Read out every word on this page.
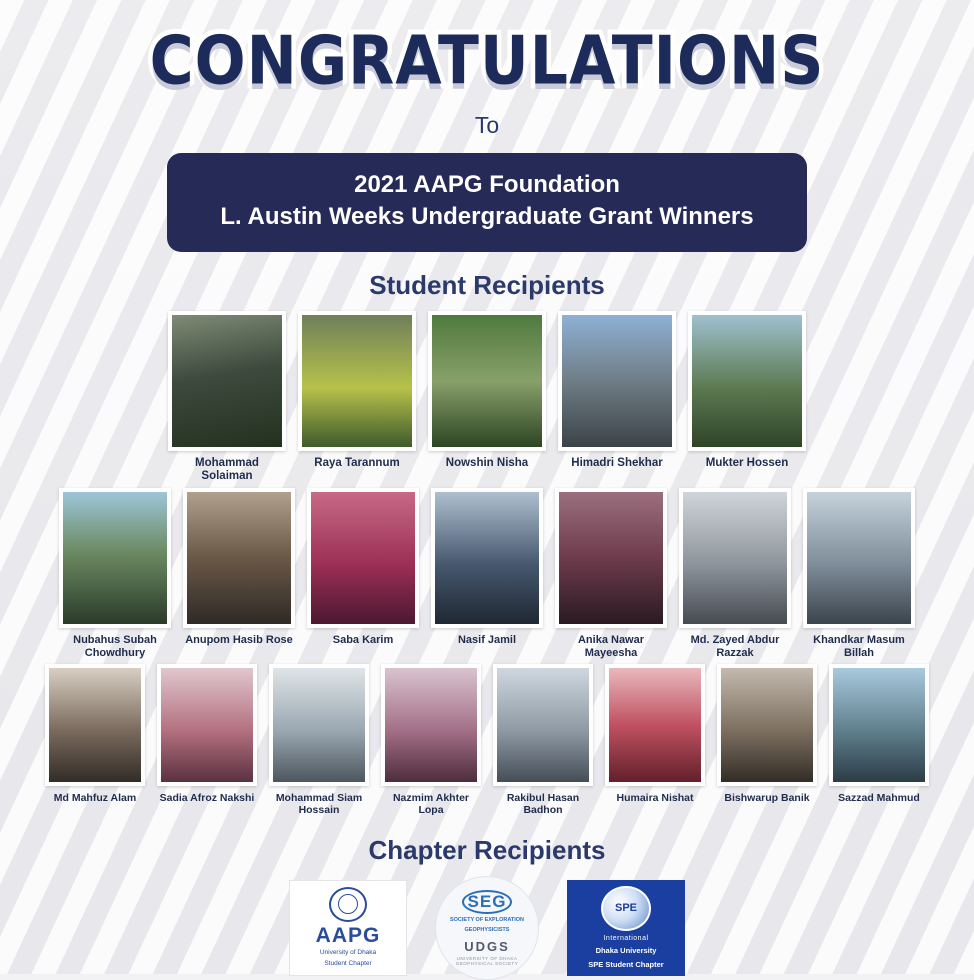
CONGRATULATIONS
To
2021 AAPG Foundation
L. Austin Weeks Undergraduate Grant Winners
Student Recipients
Mohammad Solaiman
Raya Tarannum	Nowshin Nisha	Himadri Shekhar	Mukter Hossen
Nubahus Subah Chowdhury
Anupom Hasib Rose	Saba Karim	Nasif Jamil	Anika Nawar Mayeesha
Md. Zayed Abdur Razzak
Khandkar Masum Billah
Md Mahfuz Alam	Sadia Afroz Nakshi	Mohammad Siam Hossain
Nazmim Akhter Lopa
Rakibul Hasan Badhon
Humaira Nishat	Bishwarup Banik	Sazzad Mahmud
Chapter Recipients
AAPG
University of Dhaka
Student Chapter
SEG
SOCIETY OF EXPLORATION
GEOPHYSICISTS
UDGS
UNIVERSITY OF DHAKA GEOPHYSICAL SOCIETY
SPE
International
Dhaka University
SPE Student Chapter
